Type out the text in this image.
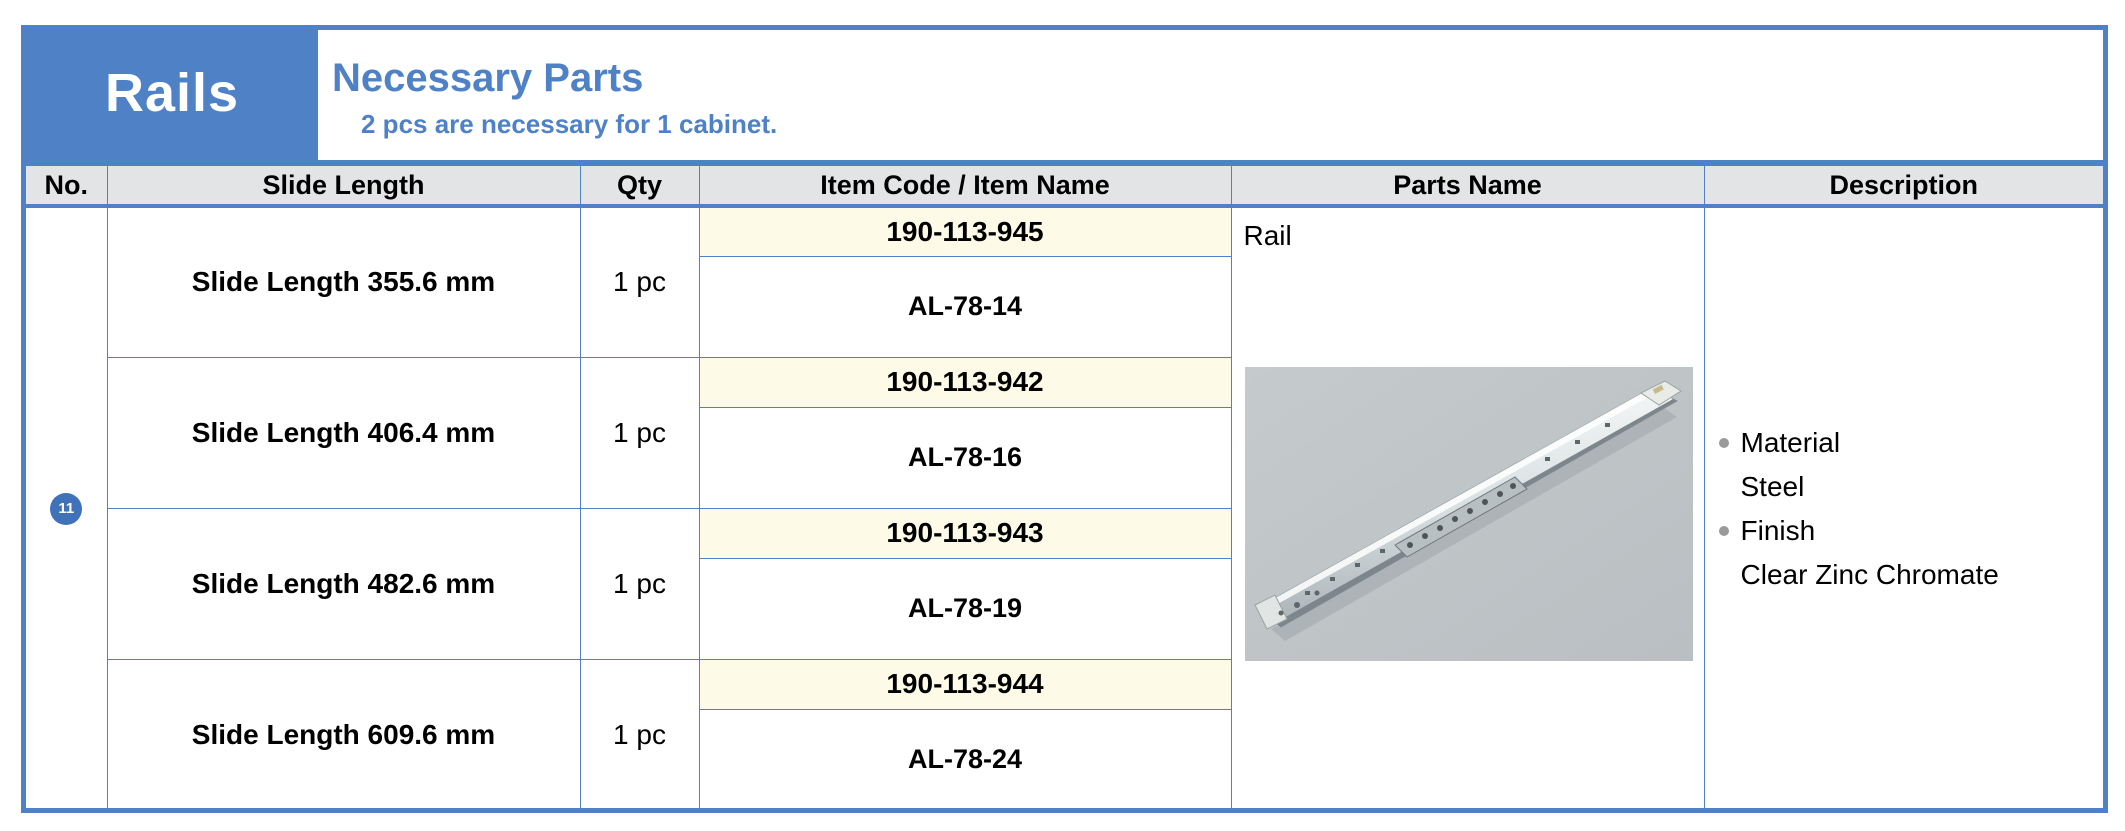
Rails Necessary Parts
2 pcs are necessary for 1 cabinet.
No.	Slide Length	Qty	Item Code / Item Name	Parts Name	Description
11	Slide Length 355.6 mm	1 pc	190-113-945	Rail	Material
Steel
Finish
Clear Zinc Chromate

			AL-78-14		
	Slide Length 406.4 mm	1 pc	190-113-942		
			AL-78-16		
	Slide Length 482.6 mm	1 pc	190-113-943		
			AL-78-19		
	Slide Length 609.6 mm	1 pc	190-113-944		
			AL-78-24		
